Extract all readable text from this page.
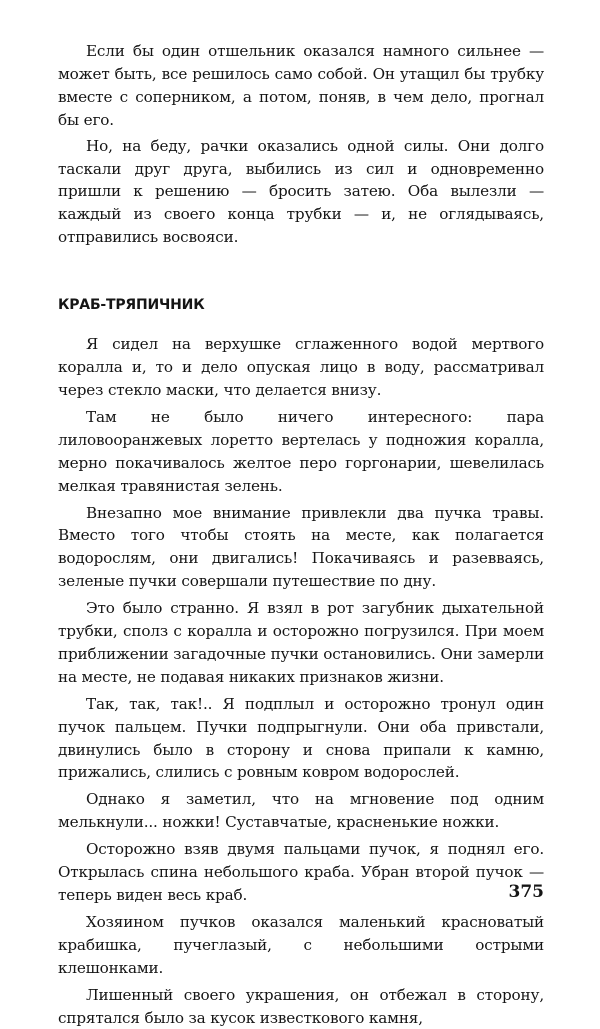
Если бы один отшельник оказался намного сильнее — может быть, все решилось само собой. Он утащил бы трубку вместе с соперником, а потом, поняв, в чем дело, прогнал бы его.

Но, на беду, рачки оказались одной силы. Они долго таскали друг друга, выбились из сил и одновременно пришли к решению — бросить затею. Оба вылезли — каждый из своего конца трубки — и, не оглядываясь, отправились восвояси.

КРАБ-ТРЯПИЧНИК

Я сидел на верхушке сглаженного водой мертвого коралла и, то и дело опуская лицо в воду, рассматривал через стекло маски, что делается внизу.

Там не было ничего интересного: пара лиловооранжевых лоретто вертелась у подножия коралла, мерно покачивалось желтое перо горгонарии, шевелилась мелкая травянистая зелень.

Внезапно мое внимание привлекли два пучка травы. Вместо того чтобы стоять на месте, как полагается водорослям, они двигались! Покачиваясь и разевваясь, зеленые пучки совершали путешествие по дну.

Это было странно. Я взял в рот загубник дыхательной трубки, сполз с коралла и осторожно погрузился. При моем приближении загадочные пучки остановились. Они замерли на месте, не подавая никаких признаков жизни.

Так, так, так!.. Я подплыл и осторожно тронул один пучок пальцем. Пучки подпрыгнули. Они оба привстали, двинулись было в сторону и снова припали к камню, прижались, слились с ровным ковром водорослей.

Однако я заметил, что на мгновение под одним мелькнули... ножки! Суставчатые, красненькие ножки.

Осторожно взяв двумя пальцами пучок, я поднял его. Открылась спина небольшого краба. Убран второй пучок — теперь виден весь краб.

Хозяином пучков оказался маленький красноватый крабишка, пучеглазый, с небольшими острыми клешонками.

Лишенный своего украшения, он отбежал в сторону, спрятался было за кусок известкового камня,

375
